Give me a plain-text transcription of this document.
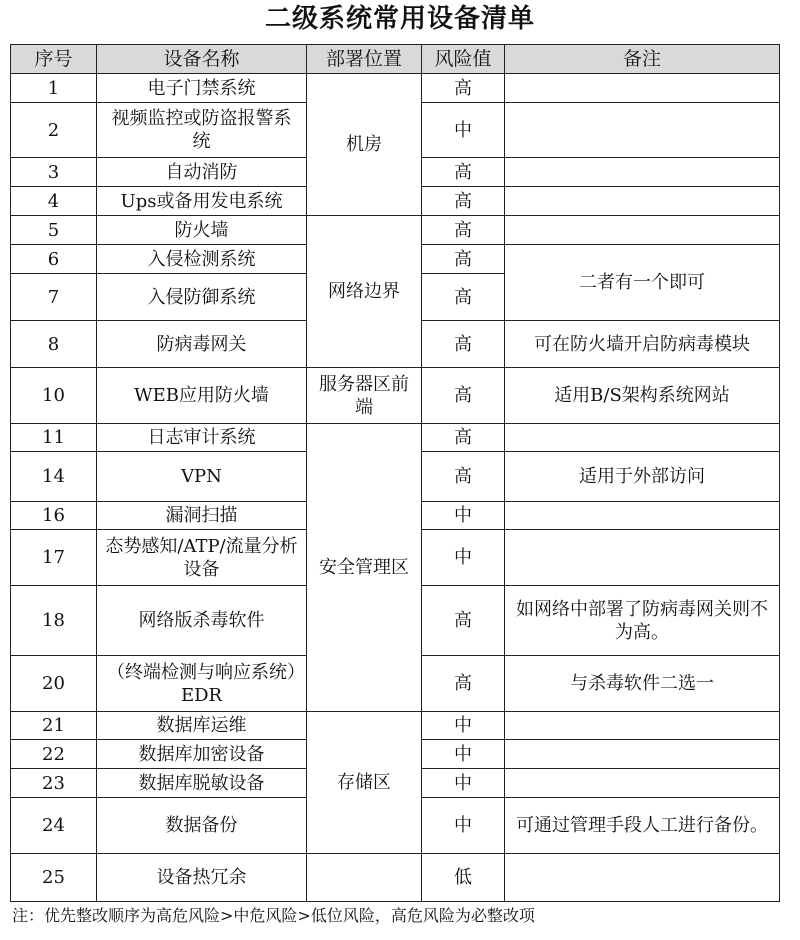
二级系统常用设备清单
序号	设备名称	部署位置	风险值	备注
1	电子门禁系统	机房	高	
2	视频监控或防盗报警系统		中	
3	自动消防		高	
4	Ups或备用发电系统		高	
5	防火墙	网络边界	高	
6	入侵检测系统		高	二者有一个即可
7	入侵防御系统		高	
8	防病毒网关		高	可在防火墙开启防病毒模块
10	WEB应用防火墙	服务器区前端	高	适用B/S架构系统网站
11	日志审计系统	安全管理区	高	
14	VPN		高	适用于外部访问
16	漏洞扫描		中	
17	态势感知/ATP/流量分析设备		中	
18	网络版杀毒软件		高	如网络中部署了防病毒网关则不为高。
20	（终端检测与响应系统）EDR		高	与杀毒软件二选一
21	数据库运维	存储区	中	
22	数据库加密设备		中	
23	数据库脱敏设备		中	
24	数据备份		中	可通过管理手段人工进行备份。
25	设备热冗余		低	
注：优先整改顺序为高危风险>中危风险>低位风险，高危风险为必整改项
